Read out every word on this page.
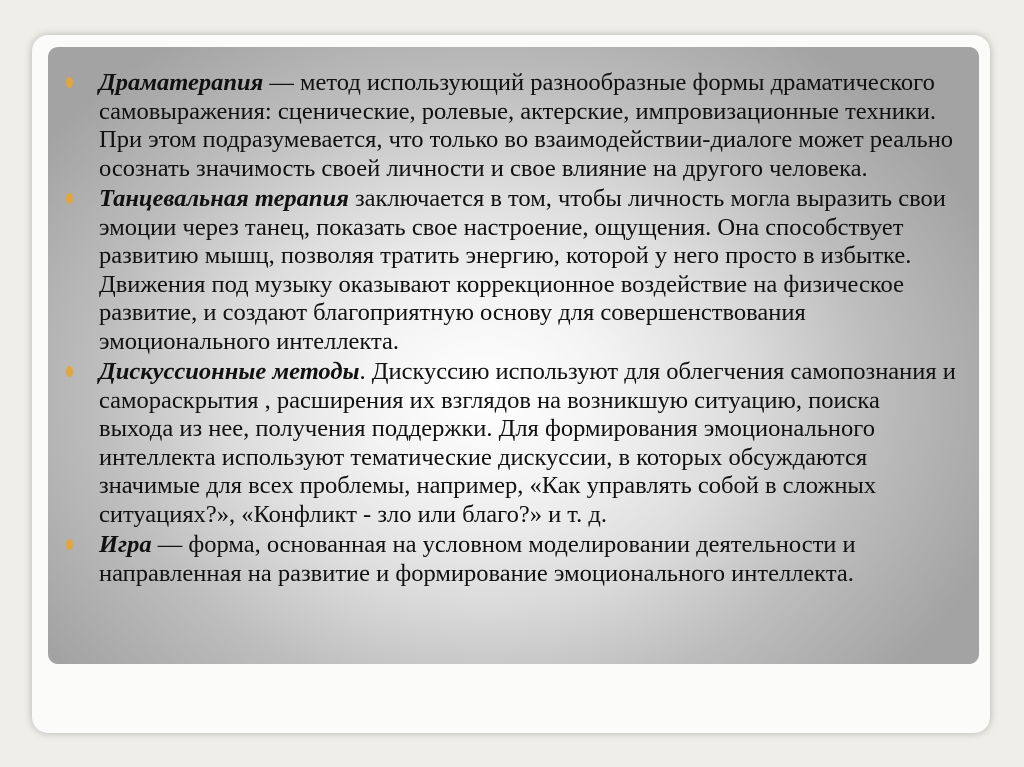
Драматерапия — метод использующий разнообразные формы драматического самовыражения: сценические, ролевые, актерские, импровизационные техники. При этом подразумевается, что только во взаимодействии-диалоге может реально осознать значимость своей личности и свое влияние на другого человека.
Танцевальная терапия заключается в том, чтобы личность могла выразить свои эмоции через танец, показать свое настроение, ощущения. Она способствует развитию мышц, позволяя тратить энергию, которой у него просто в избытке. Движения под музыку оказывают коррекционное воздействие на физическое развитие, и создают благоприятную основу для совершенствования эмоционального интеллекта.
Дискуссионные методы. Дискуссию используют для облегчения самопознания и самораскрытия , расширения их взглядов на возникшую ситуацию, поиска выхода из нее, получения поддержки. Для формирования эмоционального интеллекта используют тематические дискуссии, в которых обсуждаются значимые для всех проблемы, например, «Как управлять собой в сложных ситуациях?», «Конфликт - зло или благо?» и т. д.
Игра — форма, основанная на условном моделировании деятельности и направленная на развитие и формирование эмоционального интеллекта.
